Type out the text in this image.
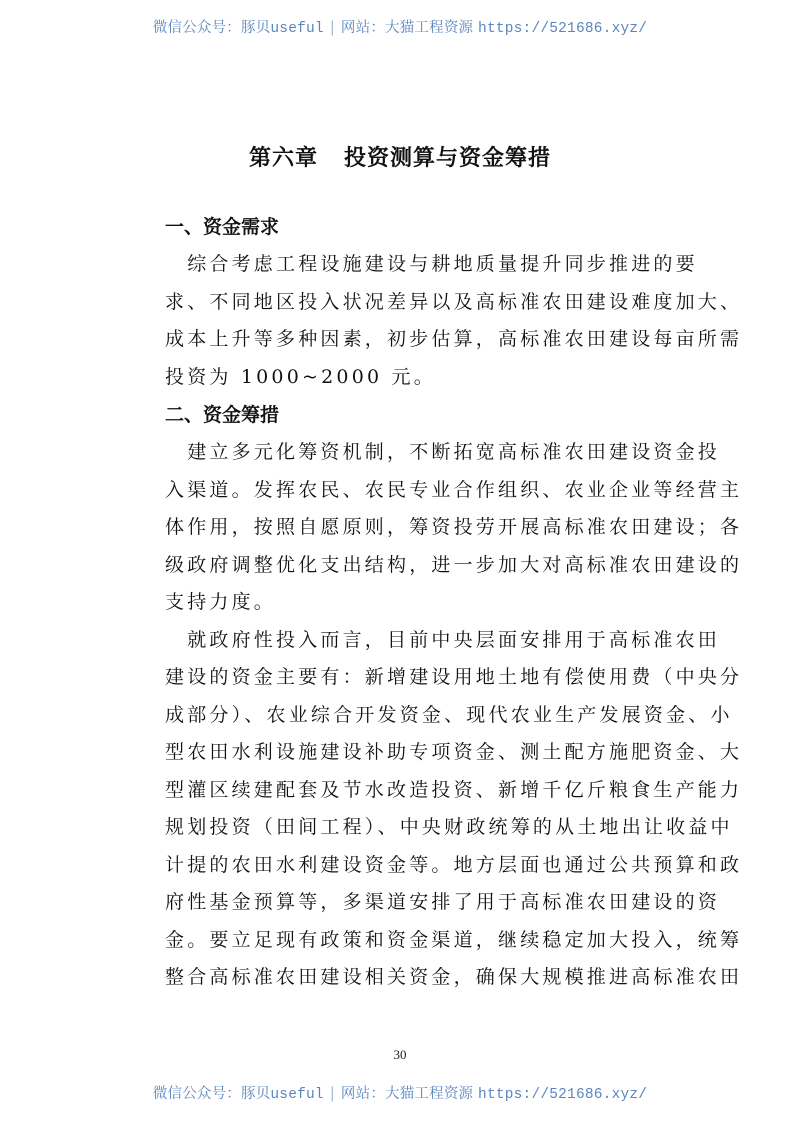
微信公众号：豚贝useful | 网站：大猫工程资源 https://521686.xyz/
第六章 投资测算与资金筹措
一、资金需求

　综合考虑工程设施建设与耕地质量提升同步推进的要
求、不同地区投入状况差异以及高标准农田建设难度加大、
成本上升等多种因素，初步估算，高标准农田建设每亩所需
投资为 1000~2000 元。

二、资金筹措

　建立多元化筹资机制，不断拓宽高标准农田建设资金投
入渠道。发挥农民、农民专业合作组织、农业企业等经营主
体作用，按照自愿原则，筹资投劳开展高标准农田建设；各
级政府调整优化支出结构，进一步加大对高标准农田建设的
支持力度。

　就政府性投入而言，目前中央层面安排用于高标准农田
建设的资金主要有：新增建设用地土地有偿使用费（中央分
成部分）、农业综合开发资金、现代农业生产发展资金、小
型农田水利设施建设补助专项资金、测土配方施肥资金、大
型灌区续建配套及节水改造投资、新增千亿斤粮食生产能力
规划投资（田间工程）、中央财政统筹的从土地出让收益中
计提的农田水利建设资金等。地方层面也通过公共预算和政
府性基金预算等，多渠道安排了用于高标准农田建设的资
金。要立足现有政策和资金渠道，继续稳定加大投入，统筹
整合高标准农田建设相关资金，确保大规模推进高标准农田

30
微信公众号：豚贝useful | 网站：大猫工程资源 https://521686.xyz/
